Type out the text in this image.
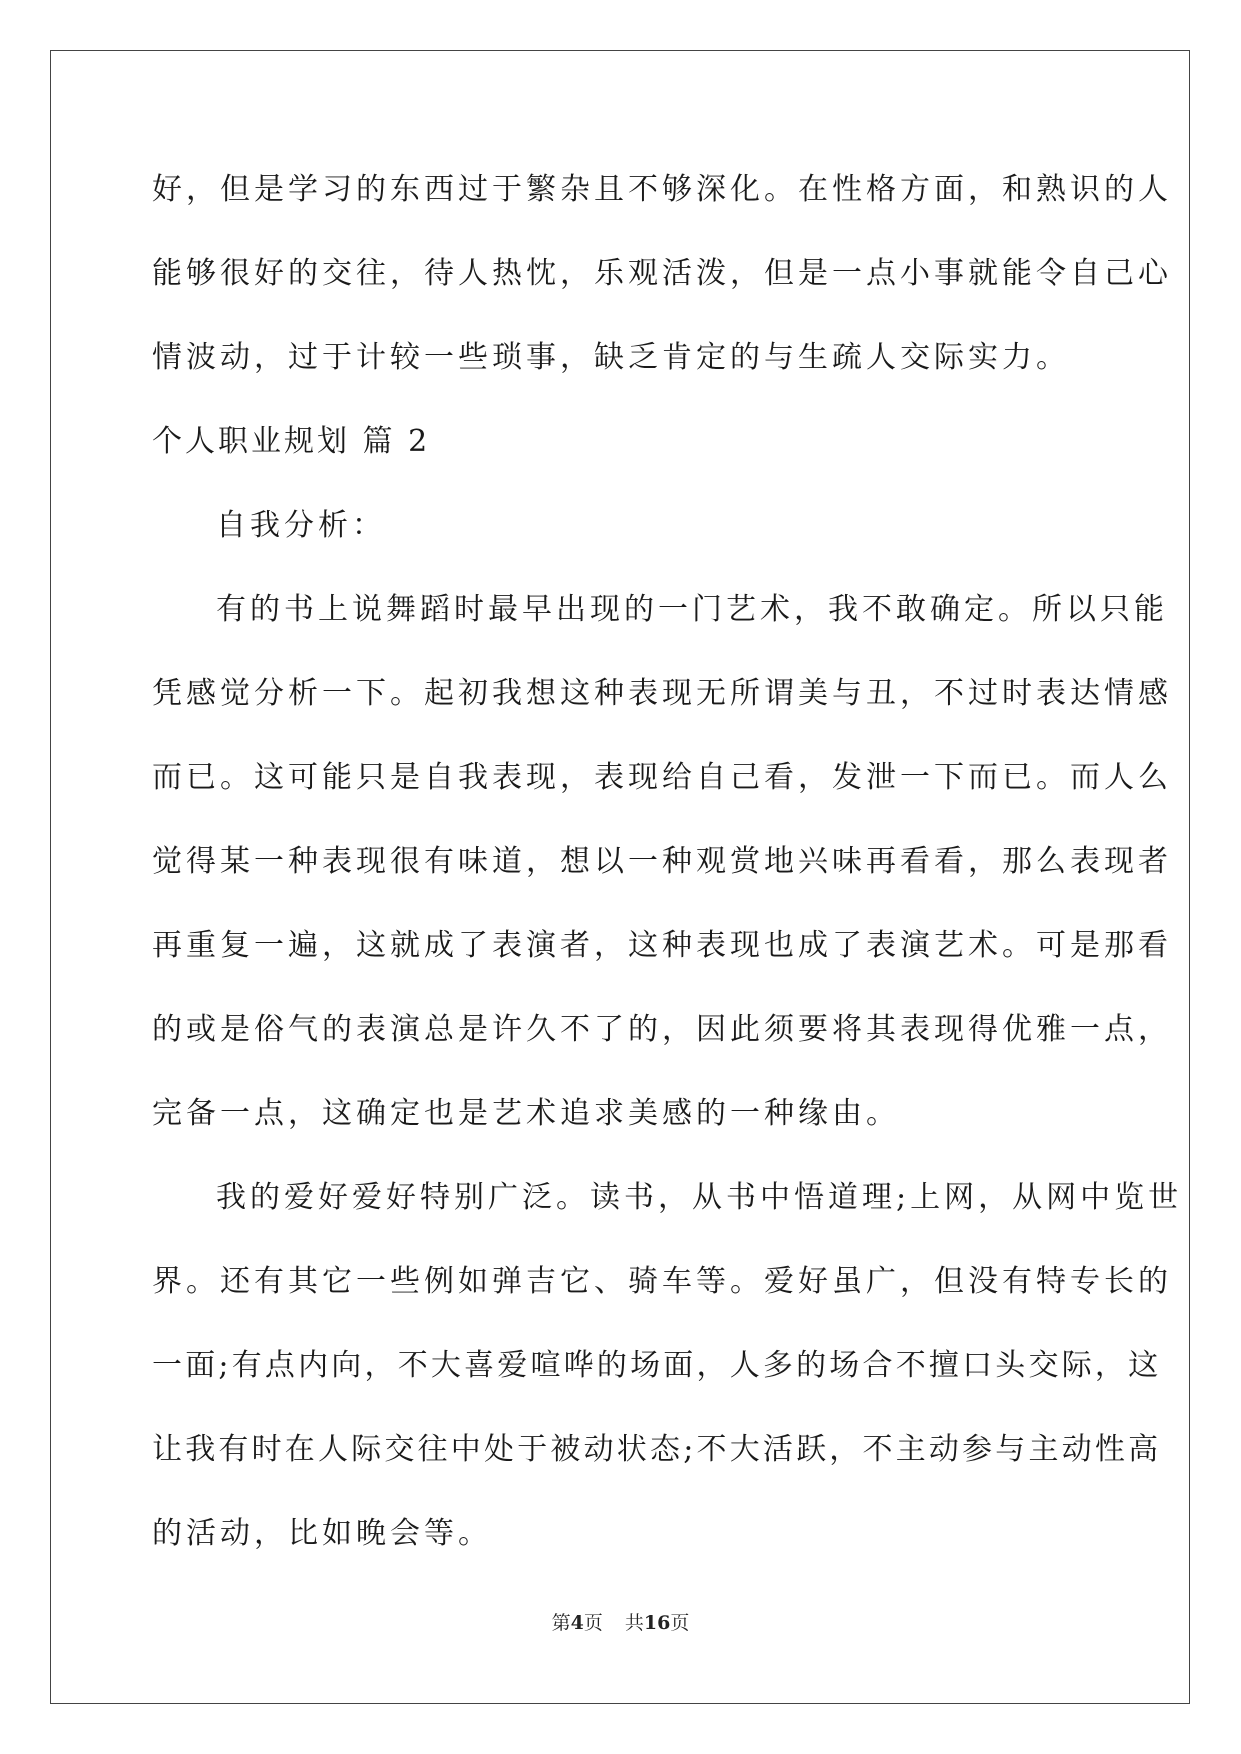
好，但是学习的东西过于繁杂且不够深化。在性格方面，和熟识的人
能够很好的交往，待人热忱，乐观活泼，但是一点小事就能令自己心
情波动，过于计较一些琐事，缺乏肯定的与生疏人交际实力。
个人职业规划 篇 2
自我分析：
有的书上说舞蹈时最早出现的一门艺术，我不敢确定。所以只能
凭感觉分析一下。起初我想这种表现无所谓美与丑，不过时表达情感
而已。这可能只是自我表现，表现给自己看，发泄一下而已。而人么
觉得某一种表现很有味道，想以一种观赏地兴味再看看，那么表现者
再重复一遍，这就成了表演者，这种表现也成了表演艺术。可是那看
的或是俗气的表演总是许久不了的，因此须要将其表现得优雅一点，
完备一点，这确定也是艺术追求美感的一种缘由。
我的爱好爱好特别广泛。读书，从书中悟道理;上网，从网中览世
界。还有其它一些例如弹吉它、骑车等。爱好虽广，但没有特专长的
一面;有点内向，不大喜爱喧哗的场面，人多的场合不擅口头交际，这
让我有时在人际交往中处于被动状态;不大活跃，不主动参与主动性高
的活动，比如晚会等。
第4页 共16页
